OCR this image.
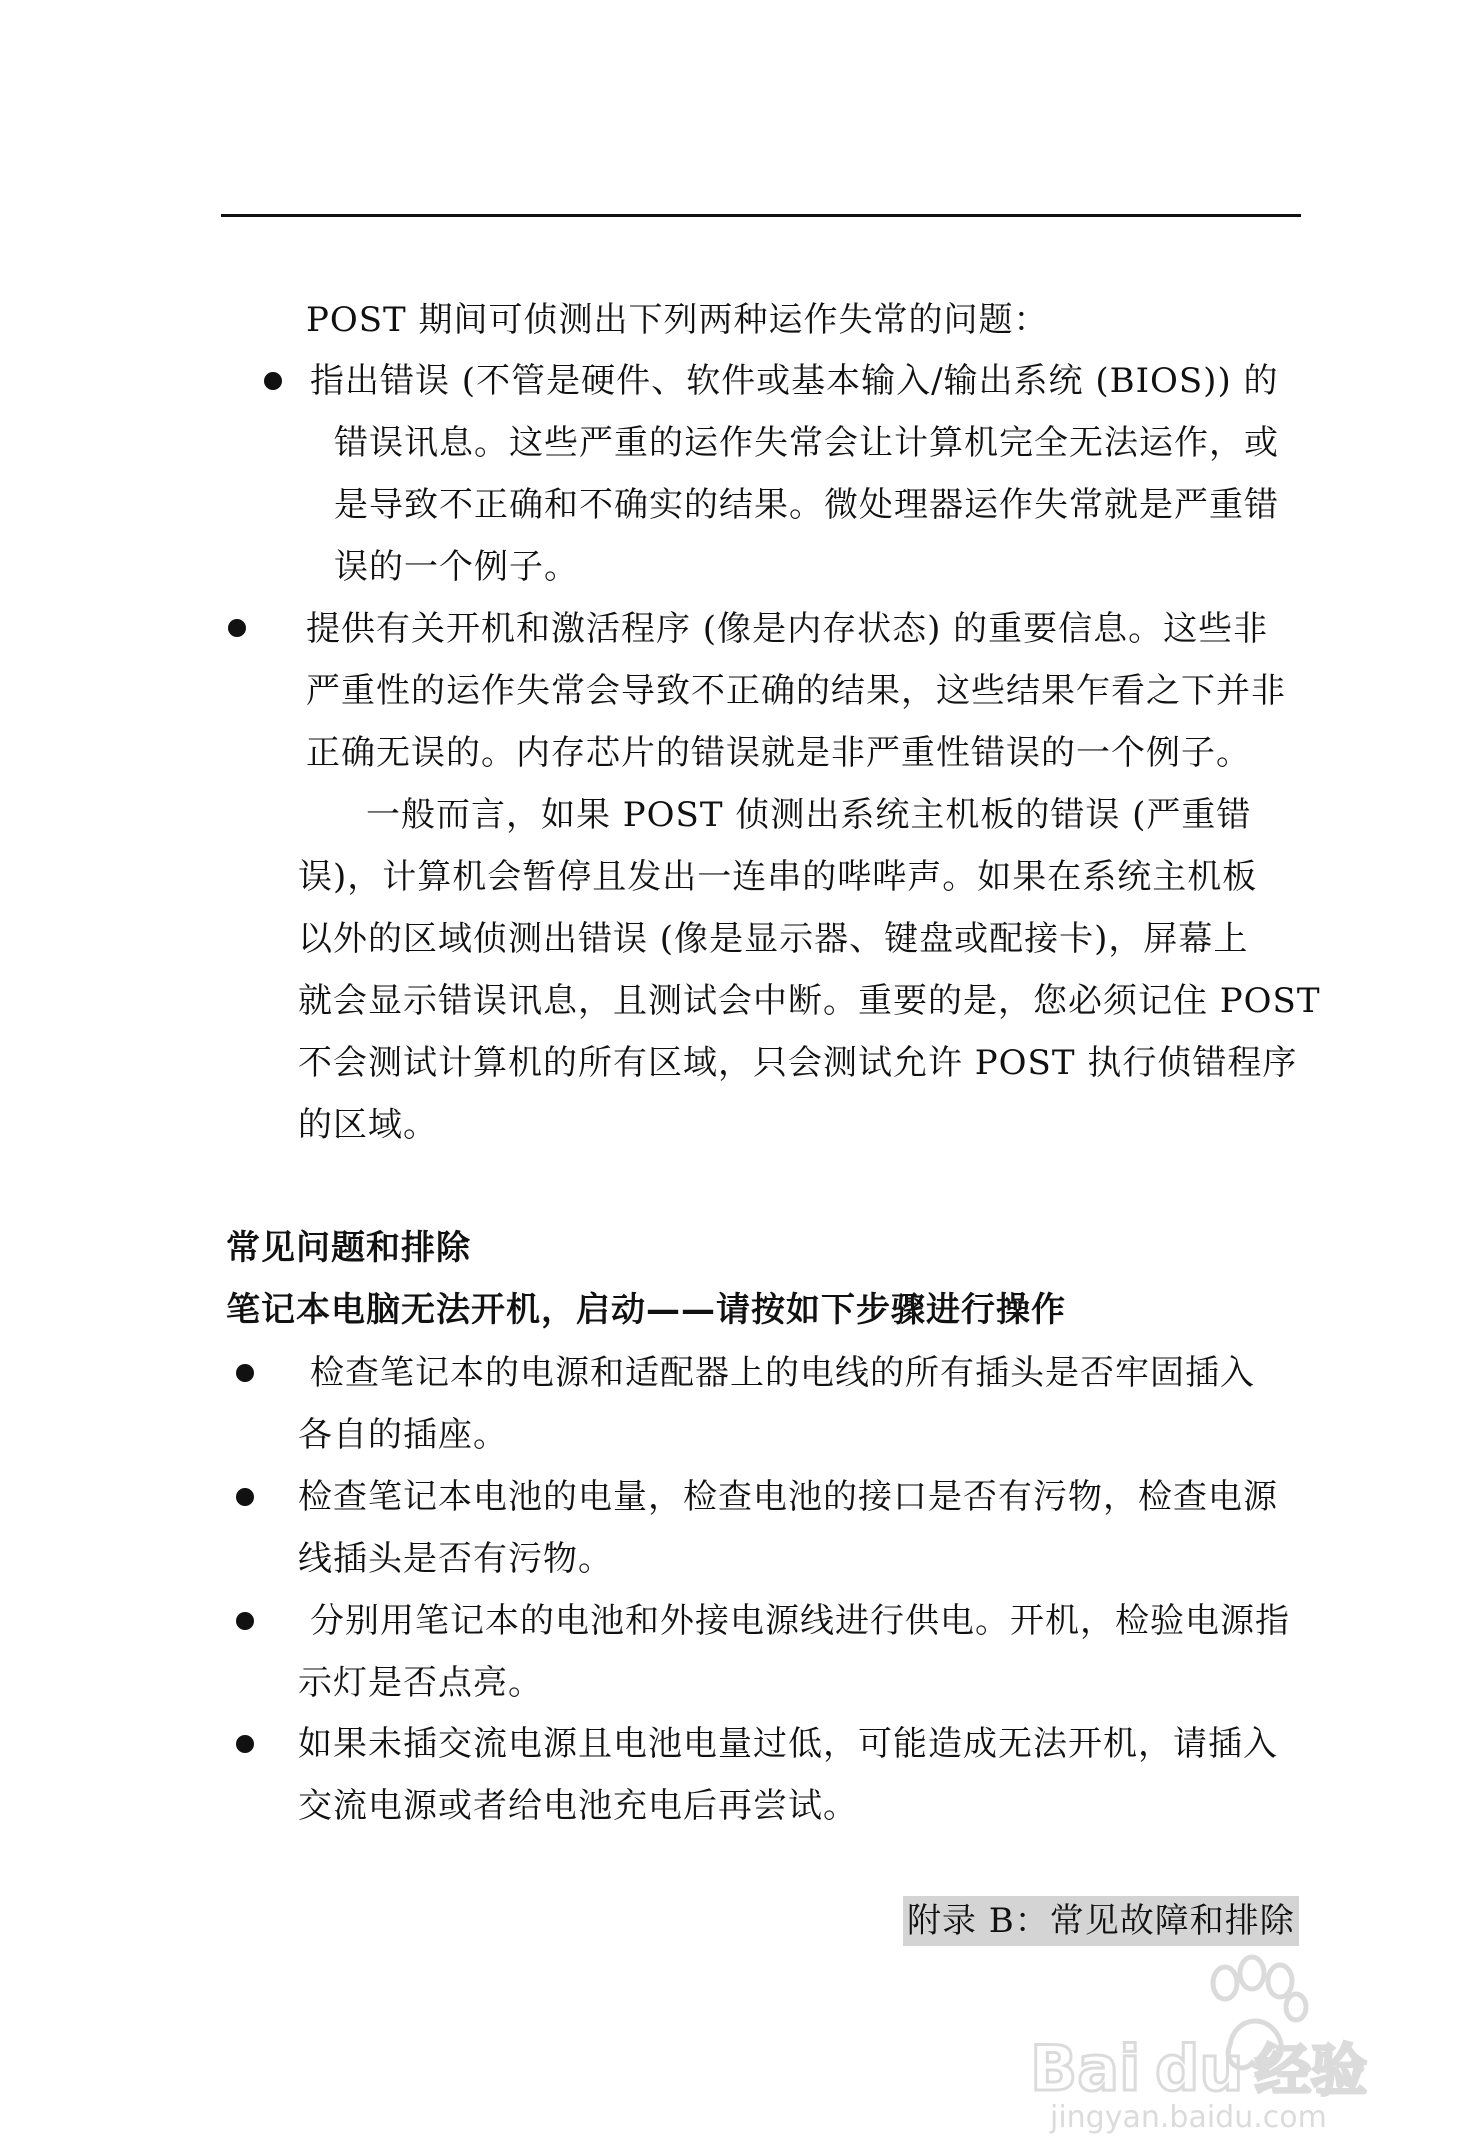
POST 期间可侦测出下列两种运作失常的问题：
指出错误 (不管是硬件、软件或基本输入/输出系统 (BIOS)) 的
错误讯息。这些严重的运作失常会让计算机完全无法运作，或
是导致不正确和不确实的结果。微处理器运作失常就是严重错
误的一个例子。
提供有关开机和激活程序 (像是内存状态) 的重要信息。这些非
严重性的运作失常会导致不正确的结果，这些结果乍看之下并非
正确无误的。内存芯片的错误就是非严重性错误的一个例子。
一般而言，如果 POST 侦测出系统主机板的错误 (严重错
误)，计算机会暂停且发出一连串的哔哔声。如果在系统主机板
以外的区域侦测出错误 (像是显示器、键盘或配接卡)，屏幕上
就会显示错误讯息，且测试会中断。重要的是，您必须记住 POST
不会测试计算机的所有区域，只会测试允许 POST 执行侦错程序
的区域。
常见问题和排除
笔记本电脑无法开机，启动——请按如下步骤进行操作
检查笔记本的电源和适配器上的电线的所有插头是否牢固插入
各自的插座。
检查笔记本电池的电量，检查电池的接口是否有污物，检查电源
线插头是否有污物。
分别用笔记本的电池和外接电源线进行供电。开机，检验电源指
示灯是否点亮。
如果未插交流电源且电池电量过低，可能造成无法开机，请插入
交流电源或者给电池充电后再尝试。
附录 B：常见故障和排除
Bai du 经验
jingyan.baidu.com
